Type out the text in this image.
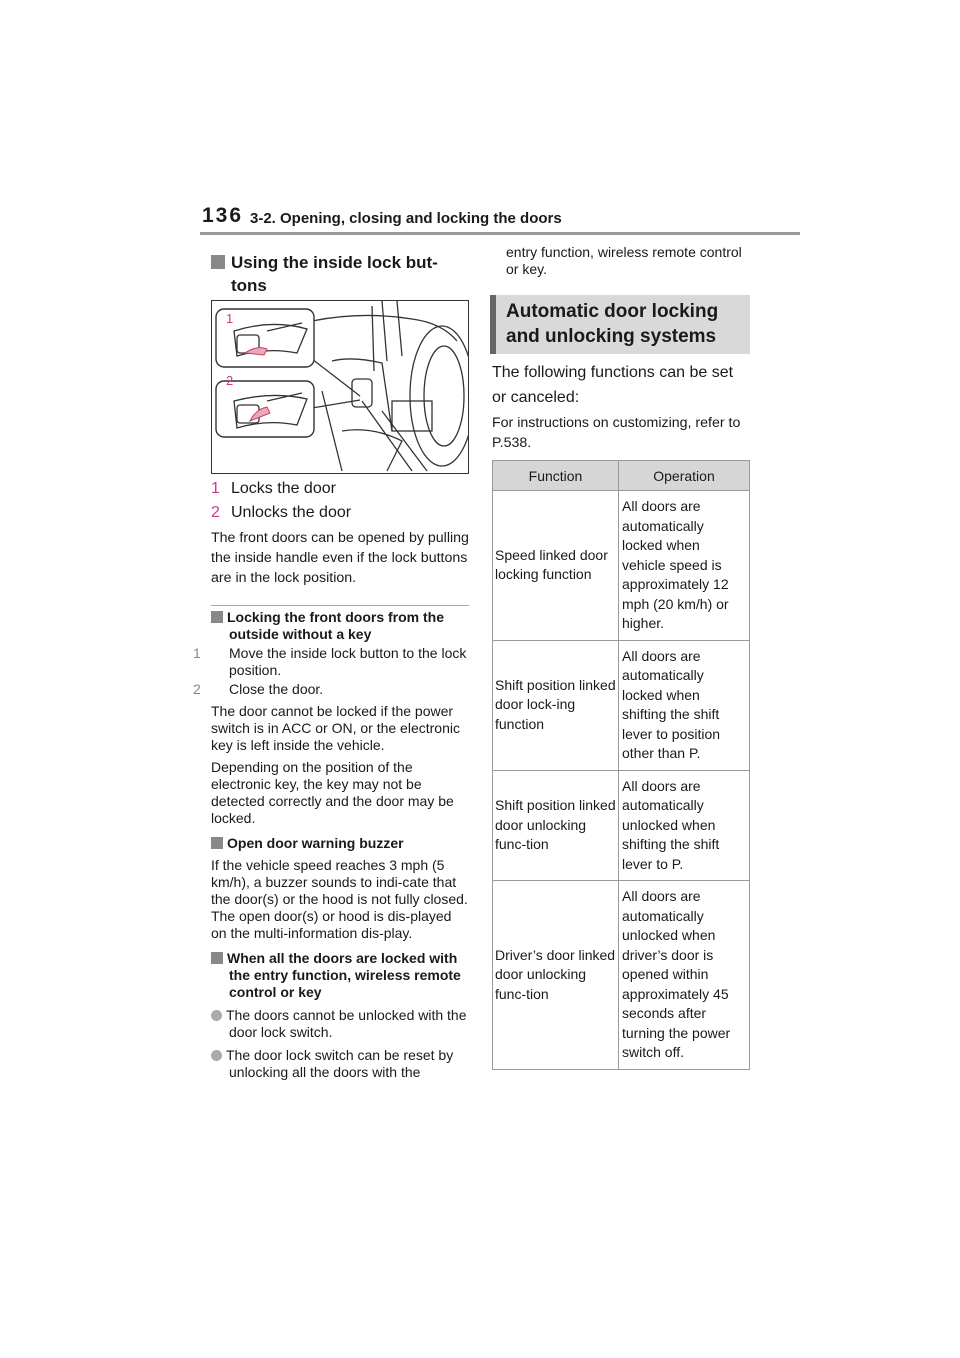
136 3-2. Opening, closing and locking the doors
Using the inside lock but-
tons
1
2
1 Locks the door
2 Unlocks the door
The front doors can be opened by pulling the inside handle even if the lock buttons are in the lock position.
Locking the front doors from the outside without a key
1 Move the inside lock button to the lock position.
2 Close the door.
The door cannot be locked if the power switch is in ACC or ON, or the electronic key is left inside the vehicle.
Depending on the position of the electronic key, the key may not be detected correctly and the door may be locked.
Open door warning buzzer
If the vehicle speed reaches 3 mph (5 km/h), a buzzer sounds to indi-cate that the door(s) or the hood is not fully closed.
The open door(s) or hood is dis-played on the multi-information dis-play.
When all the doors are locked with the entry function, wireless remote control or key
The doors cannot be unlocked with the door lock switch.
The door lock switch can be reset by unlocking all the doors with the
entry function, wireless remote control or key.
Automatic door locking
and unlocking systems
The following functions can be set or canceled:
For instructions on customizing, refer to P.538.
Function	Operation
Speed linked door locking function	All doors are automatically locked when vehicle speed is approximately 12 mph (20 km/h) or higher.
Shift position linked door lock-ing function	All doors are automatically locked when shifting the shift lever to position other than P.
Shift position linked door unlocking func-tion	All doors are automatically unlocked when shifting the shift lever to P.
Driver’s door linked door unlocking func-tion	All doors are automatically unlocked when driver’s door is opened within approximately 45 seconds after turning the power switch off.
